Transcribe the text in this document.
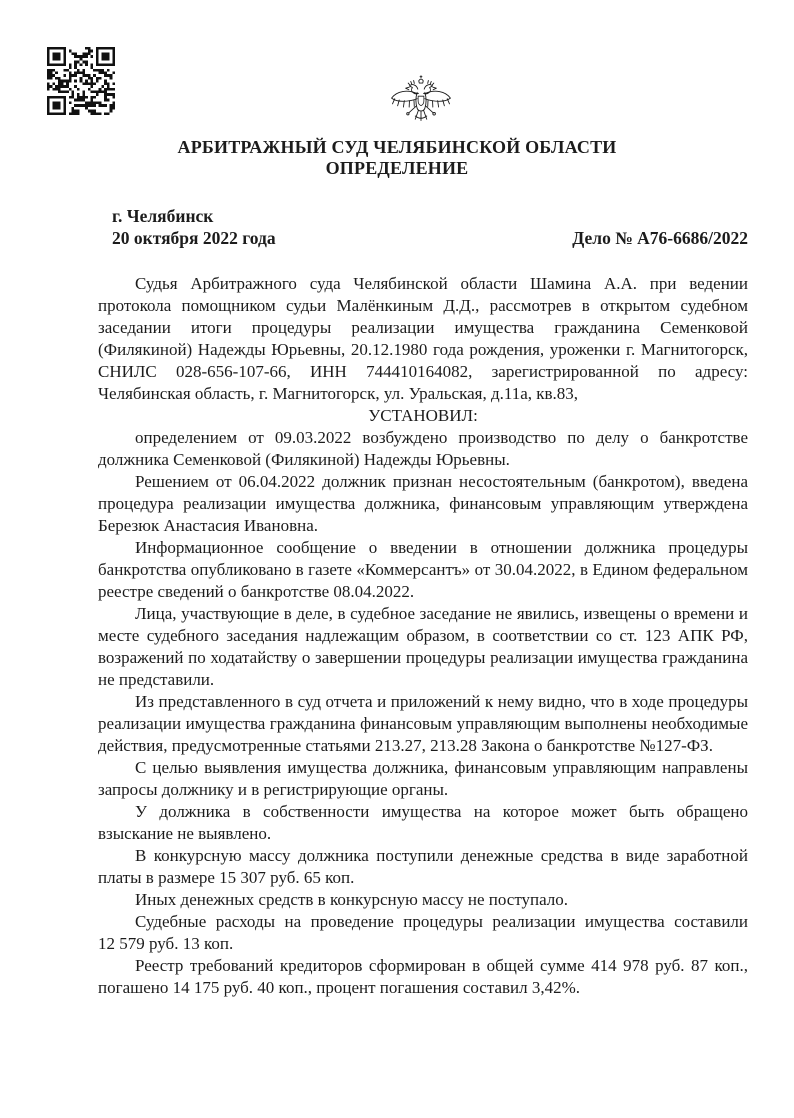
АРБИТРАЖНЫЙ СУД ЧЕЛЯБИНСКОЙ ОБЛАСТИ
ОПРЕДЕЛЕНИЕ
г. Челябинск
20 октября 2022 года	Дело № А76-6686/2022

Судья Арбитражного суда Челябинской области Шамина А.А. при ведении протокола помощником судьи Малёнкиным Д.Д., рассмотрев в открытом судебном заседании итоги процедуры реализации имущества гражданина Семенковой (Филякиной) Надежды Юрьевны, 20.12.1980 года рождения, уроженки г. Магнитогорск, СНИЛС 028-656-107-66, ИНН 744410164082, зарегистрированной по адресу: Челябинская область, г. Магнитогорск, ул. Уральская, д.11а, кв.83,

УСТАНОВИЛ:

определением от 09.03.2022 возбуждено производство по делу о банкротстве должника Семенковой (Филякиной) Надежды Юрьевны.

Решением от 06.04.2022 должник признан несостоятельным (банкротом), введена процедура реализации имущества должника, финансовым управляющим утверждена Березюк Анастасия Ивановна.

Информационное сообщение о введении в отношении должника процедуры банкротства опубликовано в газете «Коммерсантъ» от 30.04.2022, в Едином федеральном реестре сведений о банкротстве 08.04.2022.

Лица, участвующие в деле, в судебное заседание не явились, извещены о времени и месте судебного заседания надлежащим образом, в соответствии со ст. 123 АПК РФ, возражений по ходатайству о завершении процедуры реализации имущества гражданина не представили.

Из представленного в суд отчета и приложений к нему видно, что в ходе процедуры реализации имущества гражданина финансовым управляющим выполнены необходимые действия, предусмотренные статьями 213.27, 213.28 Закона о банкротстве №127-ФЗ.

С целью выявления имущества должника, финансовым управляющим направлены запросы должнику и в регистрирующие органы.

У должника в собственности имущества на которое может быть обращено взыскание не выявлено.

В конкурсную массу должника поступили денежные средства в виде заработной платы в размере 15 307 руб. 65 коп.

Иных денежных средств в конкурсную массу не поступало.

Судебные расходы на проведение процедуры реализации имущества составили 12 579 руб. 13 коп.

Реестр требований кредиторов сформирован в общей сумме 414 978 руб. 87 коп., погашено 14 175 руб. 40 коп., процент погашения составил 3,42%.
